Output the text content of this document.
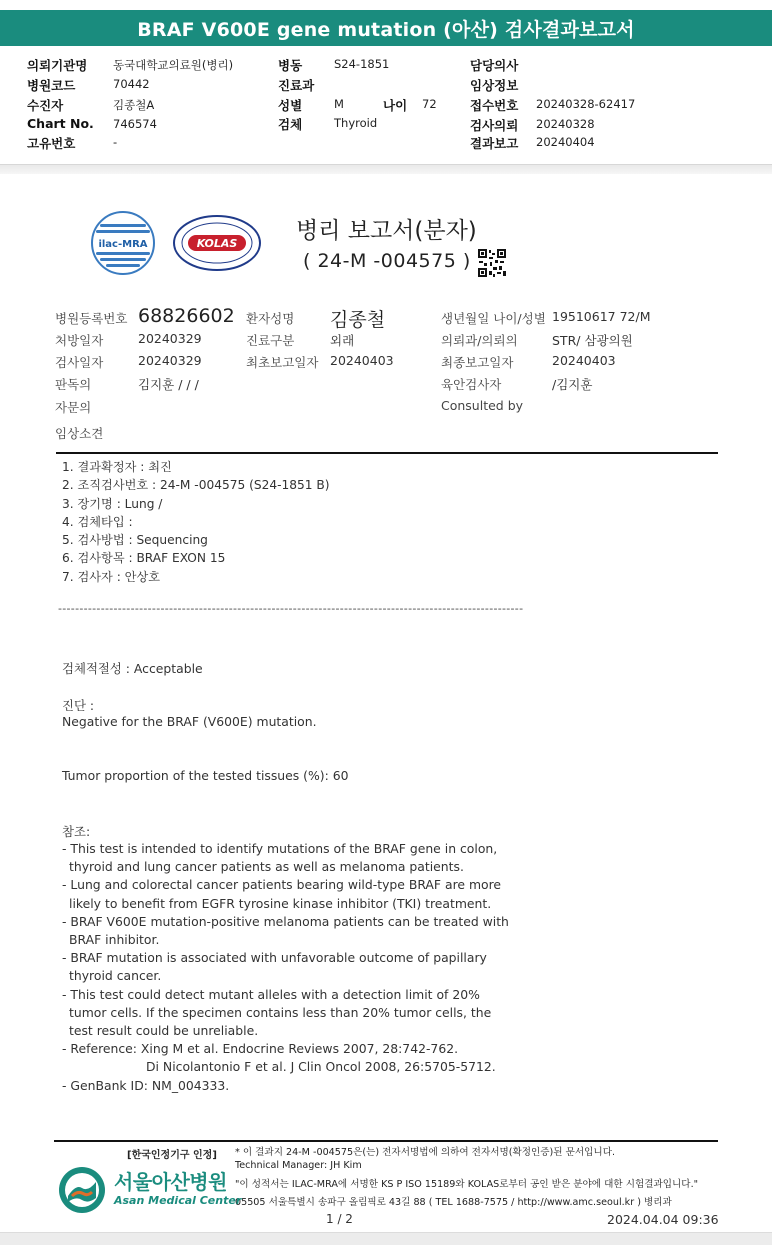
BRAF V600E gene mutation (아산) 검사결과보고서
의뢰기관명 동국대학교의료원(병리)
병원코드	70442
수진자	김종철A
Chart No. 746574
고유번호	-
병동	S24-1851
진료과
성별	M	나이 72
검체	Thyroid
담당의사
임상정보
접수번호 20240328-62417
검사의뢰 20240328
결과보고 20240404
ilac-MRA	KOLAS	병리 보고서(분자)
( 24-M -004575 )
병원등록번호 68826602 환자성명 김종철	생년월일 나이/성별 19510617 72/M
처방일자	20240329	진료구분	외래	의뢰과/의뢰의	STR/ 삼광의원
검사일자	20240329	최초보고일자 20240403	최종보고일자	20240403
판독의	김지훈 / / /	육안검사자	/김지훈
자문의	Consulted by
임상소견
1. 결과확정자 : 최진
2. 조직검사번호 : 24-M -004575 (S24-1851 B)
3. 장기명 : Lung /
4. 검체타입 :
5. 검사방법 : Sequencing
6. 검사항목 : BRAF EXON 15
7. 검사자 : 안상호
-------------------------------------------------------------------------------------------------------------
검체적절성 : Acceptable
진단 :
Negative for the BRAF (V600E) mutation.
Tumor proportion of the tested tissues (%): 60
참조:
- This test is intended to identify mutations of the BRAF gene in colon,
thyroid and lung cancer patients as well as melanoma patients.
- Lung and colorectal cancer patients bearing wild-type BRAF are more
likely to benefit from EGFR tyrosine kinase inhibitor (TKI) treatment.
- BRAF V600E mutation-positive melanoma patients can be treated with
BRAF inhibitor.
- BRAF mutation is associated with unfavorable outcome of papillary
thyroid cancer.
- This test could detect mutant alleles with a detection limit of 20%
tumor cells. If the specimen contains less than 20% tumor cells, the
test result could be unreliable.
- Reference: Xing M et al. Endocrine Reviews 2007, 28:742-762.
Di Nicolantonio F et al. J Clin Oncol 2008, 26:5705-5712.
- GenBank ID: NM_004333.
[한국인정기구 인정] * 이 결과지 24-M -004575은(는) 전자서명법에 의하여 전자서명(확정인증)된 문서입니다.
Technical Manager: JH Kim
"이 성적서는 ILAC-MRA에 서명한 KS P ISO 15189와 KOLAS로부터 공인 받은 분야에 대한 시험결과입니다."
05505 서울특별시 송파구 올림픽로 43길 88 ( TEL 1688-7575 / http://www.amc.seoul.kr ) 병리과
서울아산병원
Asan Medical Center
1 / 2	2024.04.04 09:36
